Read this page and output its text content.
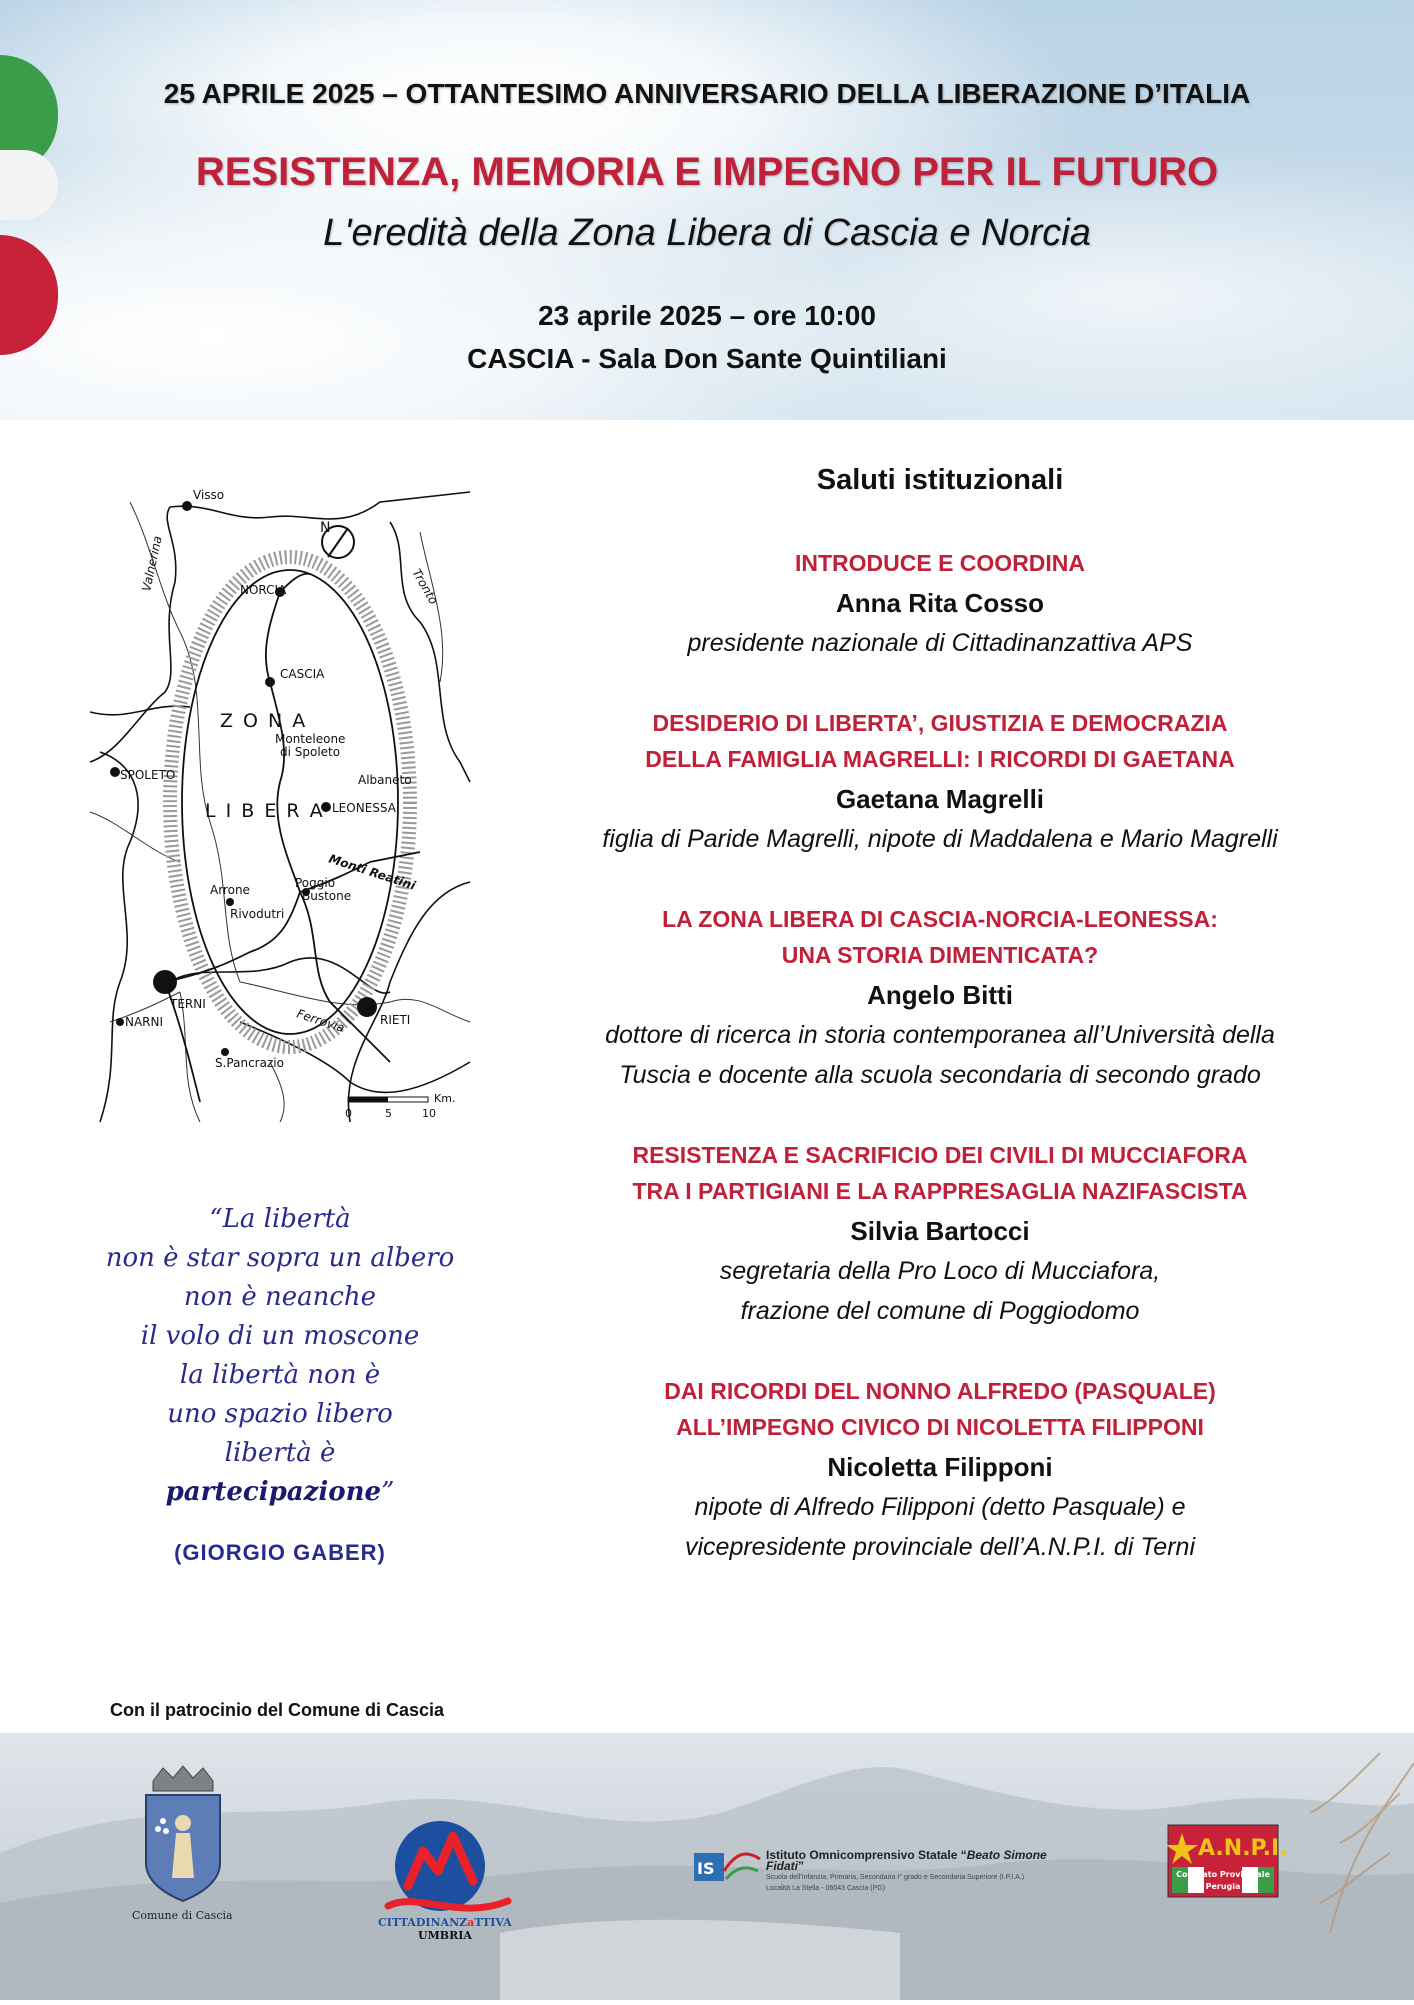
25 APRILE 2025 – OTTANTESIMO ANNIVERSARIO DELLA LIBERAZIONE D’ITALIA
RESISTENZA, MEMORIA E IMPEGNO PER IL FUTURO
L'eredità della Zona Libera di Cascia e Norcia
23 aprile 2025 – ore 10:00
CASCIA - Sala Don Sante Quintiliani
N
Visso
NORCIA
CASCIA
Monteleone
di Spoleto
SPOLETO	Albaneto
LEONESSA
Arrone	Poggio
Bustone
Rivodutri
TERNI
RIETI
NARNI
S.Pancrazio
Ferrovia
Monti Reatini
Valnerina	Tronto
Z O N A
L I B E R A
0	5	10
Km.
Saluti istituzionali
INTRODUCE E COORDINA
Anna Rita Cosso
presidente nazionale di Cittadinanzattiva APS
DESIDERIO DI LIBERTA’, GIUSTIZIA E DEMOCRAZIA
DELLA FAMIGLIA MAGRELLI: I RICORDI DI GAETANA
Gaetana Magrelli
figlia di Paride Magrelli, nipote di Maddalena e Mario Magrelli
LA ZONA LIBERA DI CASCIA-NORCIA-LEONESSA:
UNA STORIA DIMENTICATA?
Angelo Bitti
dottore di ricerca in storia contemporanea all’Università della
Tuscia e docente alla scuola secondaria di secondo grado
RESISTENZA E SACRIFICIO DEI CIVILI DI MUCCIAFORA
TRA I PARTIGIANI E LA RAPPRESAGLIA NAZIFASCISTA
Silvia Bartocci
segretaria della Pro Loco di Mucciafora,
frazione del comune di Poggiodomo
DAI RICORDI DEL NONNO ALFREDO (PASQUALE)
ALL’IMPEGNO CIVICO DI NICOLETTA FILIPPONI
Nicoletta Filipponi
nipote di Alfredo Filipponi (detto Pasquale) e
vicepresidente provinciale dell’A.N.P.I. di Terni
“La libertà
non è star sopra un albero
non è neanche
il volo di un moscone
la libertà non è
uno spazio libero
libertà è
partecipazione”
(GIORGIO GABER)
Con il patrocinio del Comune di Cascia
Comune di Cascia
CITTADINANZaTTIVA
UMBRIA
IS
A.N.P.I.
Comitato Provinciale
Perugia
Istituto Omnicomprensivo Statale “Beato Simone Fidati”
Scuola dell'Infanzia, Primaria, Secondaria I° grado e Secondaria Superiore (I.P.I.A.)
Località La Stella - 06043 Cascia (PG)
